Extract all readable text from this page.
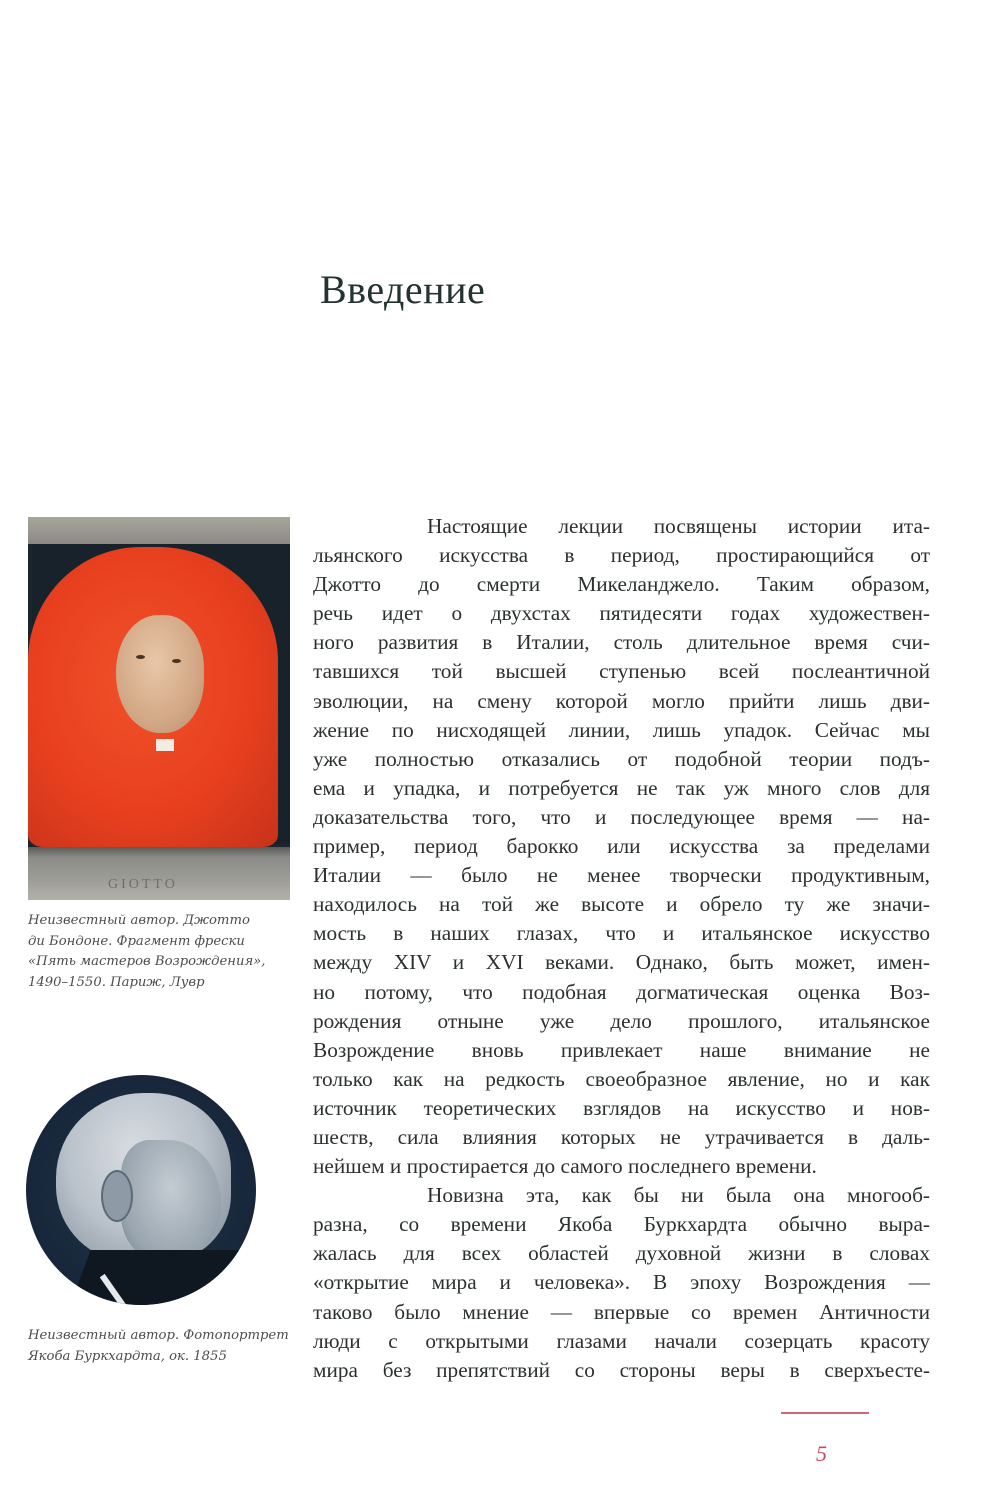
Введение
Настоящие лекции посвящены истории ита-
льянского искусства в период, простирающийся от
Джотто до смерти Микеланджело. Таким образом,
речь идет о двухстах пятидесяти годах художествен-
ного развития в Италии, столь длительное время счи-
тавшихся той высшей ступенью всей послеантичной
эволюции, на смену которой могло прийти лишь дви-
жение по нисходящей линии, лишь упадок. Сейчас мы
уже полностью отказались от подобной теории подъ-
ема и упадка, и потребуется не так уж много слов для
доказательства того, что и последующее время — на-
пример, период барокко или искусства за пределами
Италии — было не менее творчески продуктивным,
находилось на той же высоте и обрело ту же значи-
мость в наших глазах, что и итальянское искусство
между XIV и XVI веками. Однако, быть может, имен-
но потому, что подобная догматическая оценка Воз-
рождения отныне уже дело прошлого, итальянское
Возрождение вновь привлекает наше внимание не
только как на редкость своеобразное явление, но и как
источник теоретических взглядов на искусство и нов-
шеств, сила влияния которых не утрачивается в даль-
нейшем и простирается до самого последнего времени.
Новизна эта, как бы ни была она многооб-
разна, со времени Якоба Буркхардта обычно выра-
жалась для всех областей духовной жизни в словах
«открытие мира и человека». В эпоху Возрождения —
таково было мнение — впервые со времен Античности
люди с открытыми глазами начали созерцать красоту
мира без препятствий со стороны веры в сверхъесте-
GIOTTO
Неизвестный автор. Джотто
ди Бондоне. Фрагмент фрески
«Пять мастеров Возрождения»,
1490–1550. Париж, Лувр
Неизвестный автор. Фотопортрет
Якоба Буркхардта, ок. 1855
5
